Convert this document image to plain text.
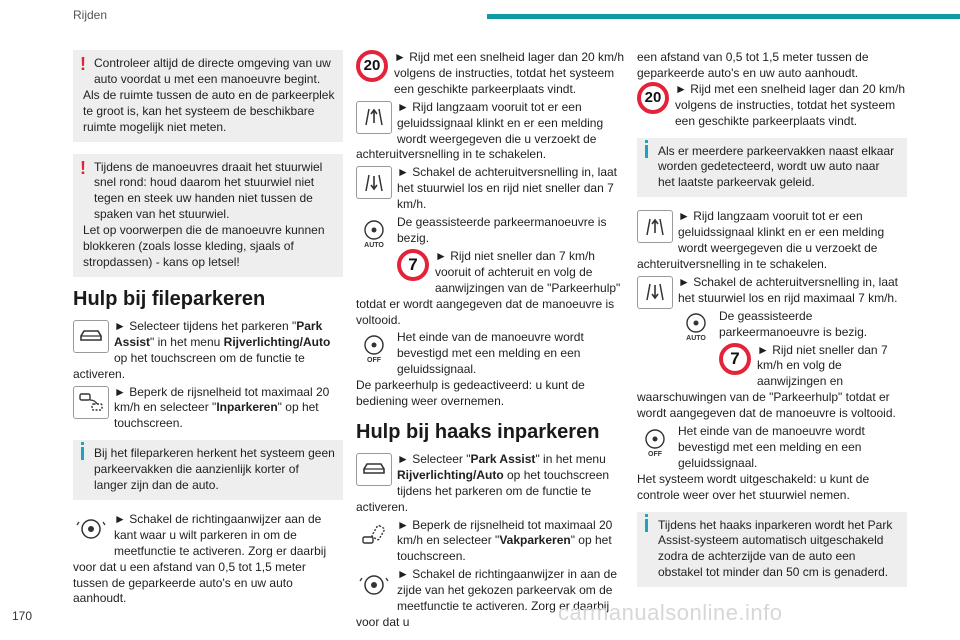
Rijden

! Controleer altijd de directe omgeving van uw auto voordat u met een manoeuvre begint.

Als de ruimte tussen de auto en de parkeerplek te groot is, kan het systeem de beschikbare ruimte mogelijk niet meten.

! Tijdens de manoeuvres draait het stuurwiel snel rond: houd daarom het stuurwiel niet tegen en steek uw handen niet tussen de spaken van het stuurwiel.

Let op voorwerpen die de manoeuvre kunnen blokkeren (zoals losse kleding, sjaals of stropdassen) - kans op letsel!

Hulp bij fileparkeren

► Selecteer tijdens het parkeren "Park Assist" in het menu Rijverlichting/Auto op het touchscreen om de functie te activeren.

► Beperk de rijsnelheid tot maximaal 20 km/h en selecteer "Inparkeren" op het touchscreen.

Bij het fileparkeren herkent het systeem geen parkeervakken die aanzienlijk korter of langer zijn dan de auto.

► Schakel de richtingaanwijzer aan de kant waar u wilt parkeren in om de meetfunctie te activeren. Zorg er daarbij voor dat u een afstand van 0,5 tot 1,5 meter tussen de geparkeerde auto's en uw auto aanhoudt.

20

► Rijd met een snelheid lager dan 20 km/h volgens de instructies, totdat het systeem een geschikte parkeerplaats vindt.

► Rijd langzaam vooruit tot er een geluidssignaal klinkt en er een melding wordt weergegeven die u verzoekt de achteruitversnelling in te schakelen.

► Schakel de achteruitversnelling in, laat het stuurwiel los en rijd niet sneller dan 7 km/h.

AUTO

De geassisteerde parkeermanoeuvre is bezig.

7	► Rijd niet sneller dan 7 km/h vooruit of achteruit en volg de aanwijzingen van de "Parkeerhulp" totdat er wordt aangegeven dat de manoeuvre is voltooid.

OFF

Het einde van de manoeuvre wordt bevestigd met een melding en een geluidssignaal.

De parkeerhulp is gedeactiveerd: u kunt de bediening weer overnemen.

Hulp bij haaks inparkeren

► Selecteer "Park Assist" in het menu Rijverlichting/Auto op het touchscreen tijdens het parkeren om de functie te activeren.

► Beperk de rijsnelheid tot maximaal 20 km/h en selecteer "Vakparkeren" op het touchscreen.

► Schakel de richtingaanwijzer in aan de zijde van het gekozen parkeervak om de meetfunctie te activeren. Zorg er daarbij voor dat u

een afstand van 0,5 tot 1,5 meter tussen de geparkeerde auto's en uw auto aanhoudt.

20

► Rijd met een snelheid lager dan 20 km/h volgens de instructies, totdat het systeem een geschikte parkeerplaats vindt.

Als er meerdere parkeervakken naast elkaar worden gedetecteerd, wordt uw auto naar het laatste parkeervak geleid.

► Rijd langzaam vooruit tot er een geluidssignaal klinkt en er een melding wordt weergegeven die u verzoekt de achteruitversnelling in te schakelen.

► Schakel de achteruitversnelling in, laat het stuurwiel los en rijd maximaal 7 km/h.

AUTO

De geassisteerde parkeermanoeuvre is bezig.

7	► Rijd niet sneller dan 7 km/h en volg de aanwijzingen en waarschuwingen van de "Parkeerhulp" totdat er wordt aangegeven dat de manoeuvre is voltooid.

OFF

Het einde van de manoeuvre wordt bevestigd met een melding en een geluidssignaal.

Het systeem wordt uitgeschakeld: u kunt de controle weer over het stuurwiel nemen.

Tijdens het haaks inparkeren wordt het Park Assist-systeem automatisch uitgeschakeld zodra de achterzijde van de auto een obstakel tot minder dan 50 cm is genaderd.

170	carmanualsonline.info
